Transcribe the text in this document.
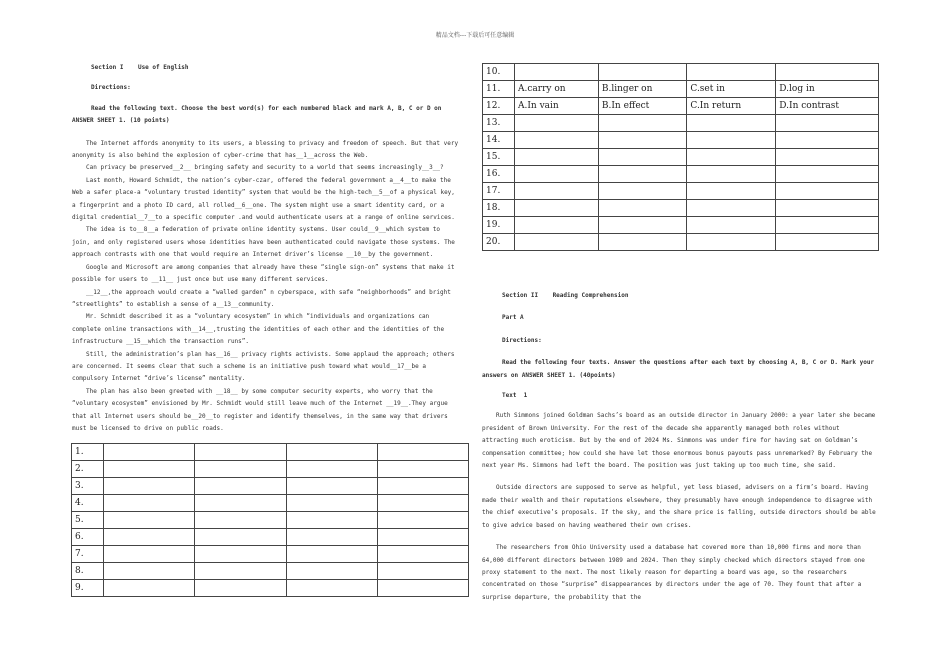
精品文档---下载后可任意编辑

Section I    Use of English

Directions:

Read the following text. Choose the best word(s) for each numbered black and mark A, B, C or D on ANSWER SHEET 1. (10 points)

The Internet affords anonymity to its users, a blessing to privacy and freedom of speech. But that very anonymity is also behind the explosion of cyber-crime that has__1__across the Web.

Can privacy be preserved__2__ bringing safety and security to a world that seems increasingly__3__?

Last month, Howard Schmidt, the nation’s cyber-czar, offered the federal government a__4__to make the Web a safer place-a “voluntary trusted identity” system that would be the high-tech__5__of a physical key, a fingerprint and a photo ID card, all rolled__6__one. The system might use a smart identity card, or a digital credential__7__to a specific computer .and would authenticate users at a range of online services.

The idea is to__8__a federation of private online identity systems. User could__9__which system to join, and only registered users whose identities have been authenticated could navigate those systems. The approach contrasts with one that would require an Internet driver’s license __10__by the government.

Google and Microsoft are among companies that already have these “single sign-on” systems that make it possible for users to __11__ just once but use many different services.

__12__,the approach would create a “walled garden” n cyberspace, with safe “neighborhoods” and bright “streetlights” to establish a sense of a__13__community.

Mr. Schmidt described it as a “voluntary ecosystem” in which “individuals and organizations can complete online transactions with__14__,trusting the identities of each other and the identities of the infrastructure __15__which the transaction runs”.

Still, the administration’s plan has__16__ privacy rights activists. Some applaud the approach; others are concerned. It seems clear that such a scheme is an initiative push toward what would__17__be a compulsory Internet “drive’s license” mentality.

The plan has also been greeted with __18__ by some computer security experts, who worry that the “voluntary ecosystem” envisioned by Mr. Schmidt would still leave much of the Internet __19__.They argue that all Internet users should be__20__to register and identify themselves, in the same way that drivers must be licensed to drive on public roads.

1.				
2.				
3.				
4.				
5.				
6.				
7.				
8.				
9.				
10.				
11.	A.carry on	B.linger on	C.set in	D.log in
12.	A.In vain	B.In effect	C.In return	D.In contrast
13.				
14.				
15.				
16.				
17.				
18.				
19.				
20.				

Section II    Reading Comprehension

Part A

Directions:

Read the following four texts. Answer the questions after each text by choosing A, B, C or D. Mark your answers on ANSWER SHEET 1. (40points)

Text  1

Ruth Simmons joined Goldman Sachs’s board as an outside director in January 2000: a year later she became president of Brown University. For the rest of the decade she apparently managed both roles without attracting much eroticism. But by the end of 2024 Ms. Simmons was under fire for having sat on Goldman’s compensation committee; how could she have let those enormous bonus payouts pass unremarked? By February the next year Ms. Simmons had left the board. The position was just taking up too much time, she said.

Outside directors are supposed to serve as helpful, yet less biased, advisers on a firm’s board. Having made their wealth and their reputations elsewhere, they presumably have enough independence to disagree with the chief executive’s proposals. If the sky, and the share price is falling, outside directors should be able to give advice based on having weathered their own crises.

The researchers from Ohio University used a database hat covered more than 10,000 firms and more than 64,000 different directors between 1989 and 2024. Then they simply checked which directors stayed from one proxy statement to the next. The most likely reason for departing a board was age, so the researchers concentrated on those “surprise” disappearances by directors under the age of 70. They fount that after a surprise departure, the probability that the
